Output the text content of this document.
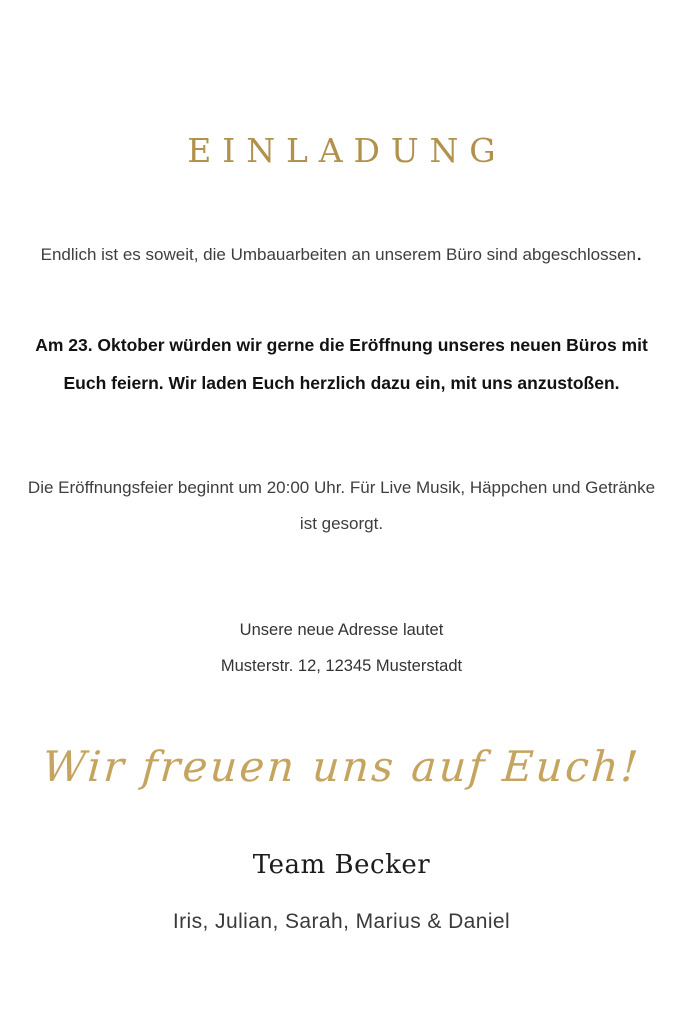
EINLADUNG

Endlich ist es soweit, die Umbauarbeiten an unserem Büro sind abgeschlossen.

Am 23. Oktober würden wir gerne die Eröffnung unseres neuen Büros mit
Euch feiern. Wir laden Euch herzlich dazu ein, mit uns anzustoßen.
Die Eröffnungsfeier beginnt um 20:00 Uhr. Für Live Musik, Häppchen und Getränke
ist gesorgt.
Unsere neue Adresse lautet
Musterstr. 12, 12345 Musterstadt
Wir freuen uns auf Euch!
Team Becker
Iris, Julian, Sarah, Marius & Daniel
